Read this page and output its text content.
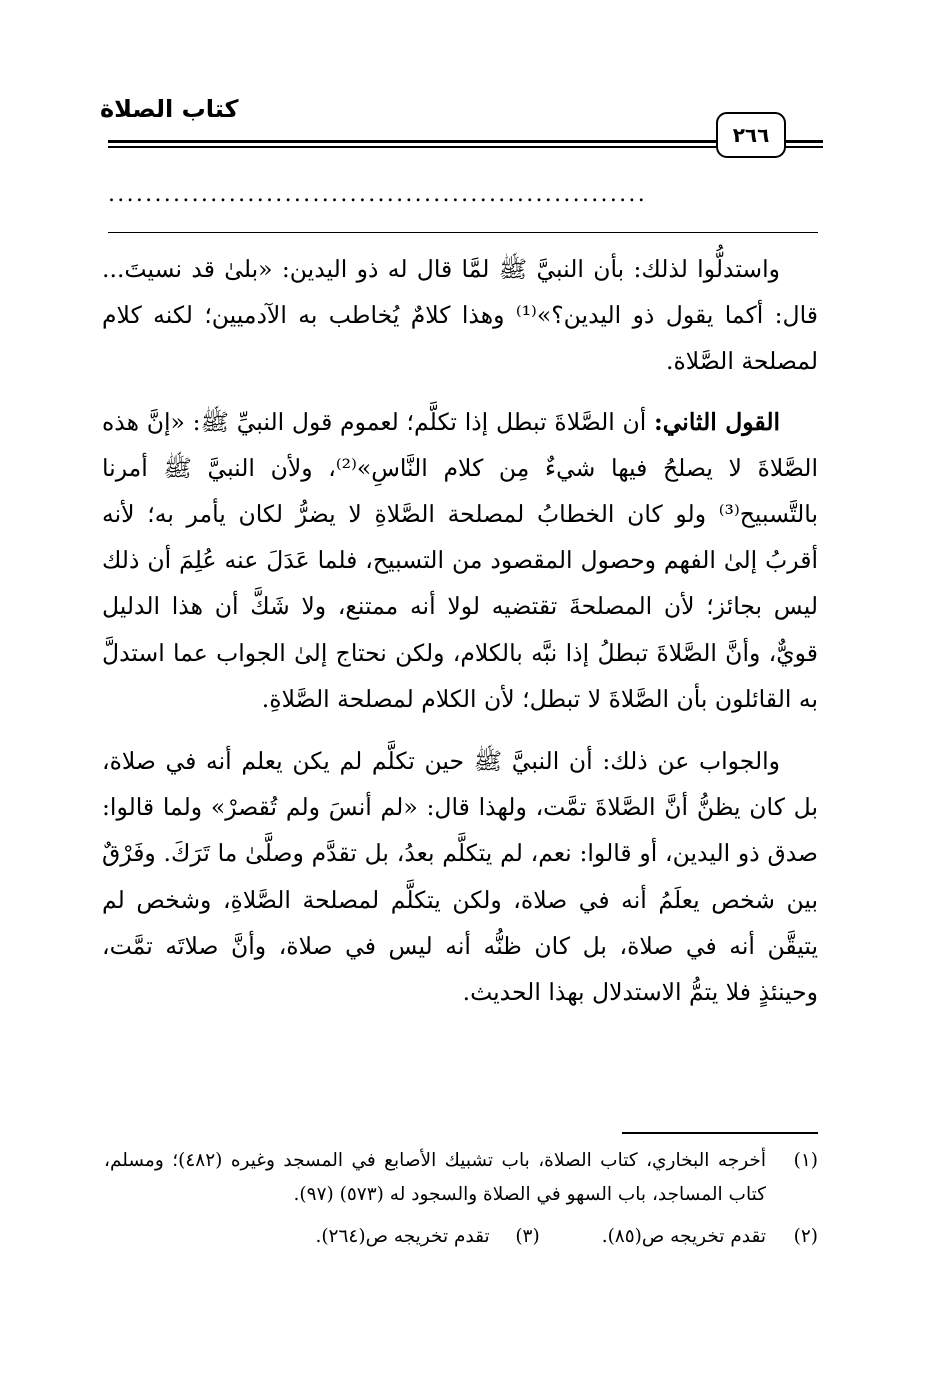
كتاب الصلاة
٢٦٦
..........................................................

واستدلُّوا لذلك: بأن النبيَّ ﷺ لمَّا قال له ذو اليدين: «بلىٰ قد نسيتَ... قال: أكما يقول ذو اليدين؟»⁽¹⁾ وهذا كلامٌ يُخاطب به الآدميين؛ لكنه كلام لمصلحة الصَّلاة.

القول الثاني: أن الصَّلاةَ تبطل إذا تكلَّم؛ لعموم قول النبيِّ ﷺ: «إنَّ هذه الصَّلاةَ لا يصلحُ فيها شيءٌ مِن كلام النَّاسِ»⁽²⁾، ولأن النبيَّ ﷺ أمرنا بالتَّسبيح⁽³⁾ ولو كان الخطابُ لمصلحة الصَّلاةِ لا يضرُّ لكان يأمر به؛ لأنه أقربُ إلىٰ الفهم وحصول المقصود من التسبيح، فلما عَدَلَ عنه عُلِمَ أن ذلك ليس بجائز؛ لأن المصلحةَ تقتضيه لولا أنه ممتنع، ولا شَكَّ أن هذا الدليل قويٌّ، وأنَّ الصَّلاةَ تبطلُ إذا نبَّه بالكلام، ولكن نحتاج إلىٰ الجواب عما استدلَّ به القائلون بأن الصَّلاةَ لا تبطل؛ لأن الكلام لمصلحة الصَّلاةِ.

والجواب عن ذلك: أن النبيَّ ﷺ حين تكلَّم لم يكن يعلم أنه في صلاة، بل كان يظنُّ أنَّ الصَّلاةَ تمَّت، ولهذا قال: «لم أنسَ ولم تُقصرْ» ولما قالوا: صدق ذو اليدين، أو قالوا: نعم، لم يتكلَّم بعدُ، بل تقدَّم وصلَّىٰ ما تَرَكَ. وفَرْقٌ بين شخص يعلَمُ أنه في صلاة، ولكن يتكلَّم لمصلحة الصَّلاةِ، وشخص لم يتيقَّن أنه في صلاة، بل كان ظنُّه أنه ليس في صلاة، وأنَّ صلاتَه تمَّت، وحينئذٍ فلا يتمُّ الاستدلال بهذا الحديث.

(١)
أخرجه البخاري، كتاب الصلاة، باب تشبيك الأصابع في المسجد وغيره (٤٨٢)؛ ومسلم، كتاب المساجد، باب السهو في الصلاة والسجود له (٥٧٣) (٩٧).
(٢)
تقدم تخريجه ص(٨٥).
(٣)
تقدم تخريجه ص(٢٦٤).
